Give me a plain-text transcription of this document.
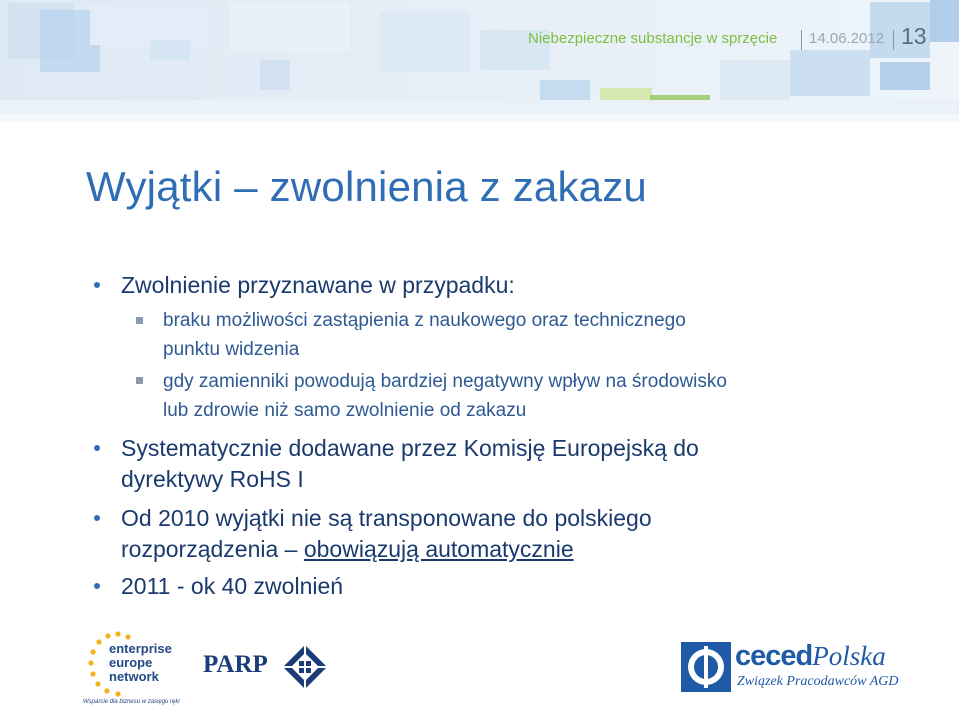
Niebezpieczne substancje w sprzęcie 14.06.2012 13
Wyjątki – zwolnienia z zakazu
Zwolnienie przyznawane w przypadku:
braku możliwości zastąpienia z naukowego oraz technicznego
punktu widzenia
gdy zamienniki powodują bardziej negatywny wpływ na środowisko
lub zdrowie niż samo zwolnienie od zakazu
Systematycznie dodawane przez Komisję Europejską do
dyrektywy RoHS I
Od 2010 wyjątki nie są transponowane do polskiego
rozporządzenia – obowiązują automatycznie
2011 - ok 40 zwolnień
enterprise
europe
network
Wsparcie dla biznesu w zasięgu ręki
PARP	cecedPolska
Związek Pracodawców AGD
